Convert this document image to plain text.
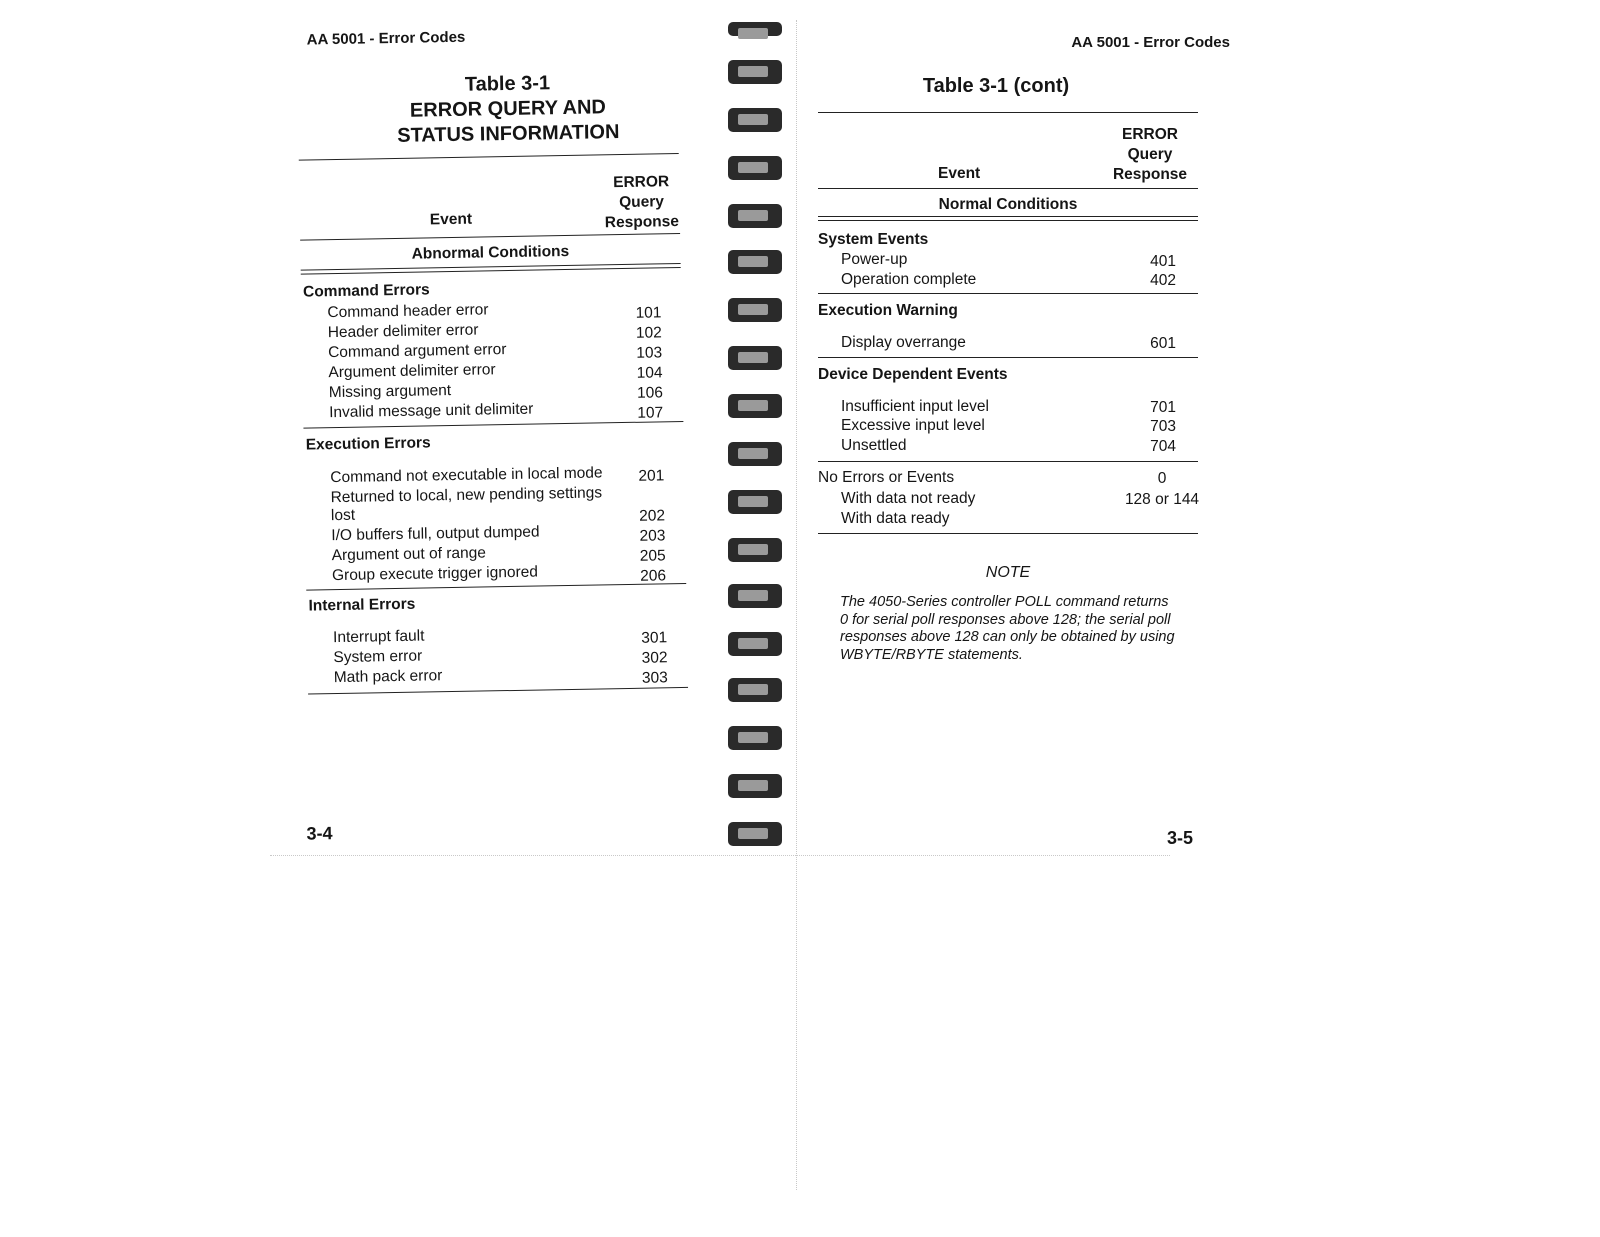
AA 5001 - Error Codes
Table 3-1
ERROR QUERY AND
STATUS INFORMATION
ERROR
Query
Response
Event
Abnormal Conditions
Command Errors
Command header error	101
Header delimiter error	102
Command argument error	103
Argument delimiter error	104
Missing argument	106
Invalid message unit delimiter	107
Execution Errors
Command not executable in local mode	201
Returned to local, new pending settings
lost	202
I/O buffers full, output dumped	203
Argument out of range	205
Group execute trigger ignored	206
Internal Errors
Interrupt fault	301
System error	302
Math pack error	303
3-4
AA 5001 - Error Codes
Table 3-1 (cont)
ERROR
Query
Response
Event
Normal Conditions
System Events
Power-up	401
Operation complete	402
Execution Warning
Display overrange	601
Device Dependent Events
Insufficient input level	701
Excessive input level	703
Unsettled	704
No Errors or Events	0
With data not ready	128 or 144
With data ready
NOTE
The 4050-Series controller POLL command returns 0 for serial poll responses above 128; the serial poll responses above 128 can only be obtained by using WBYTE/RBYTE statements.
3-5
